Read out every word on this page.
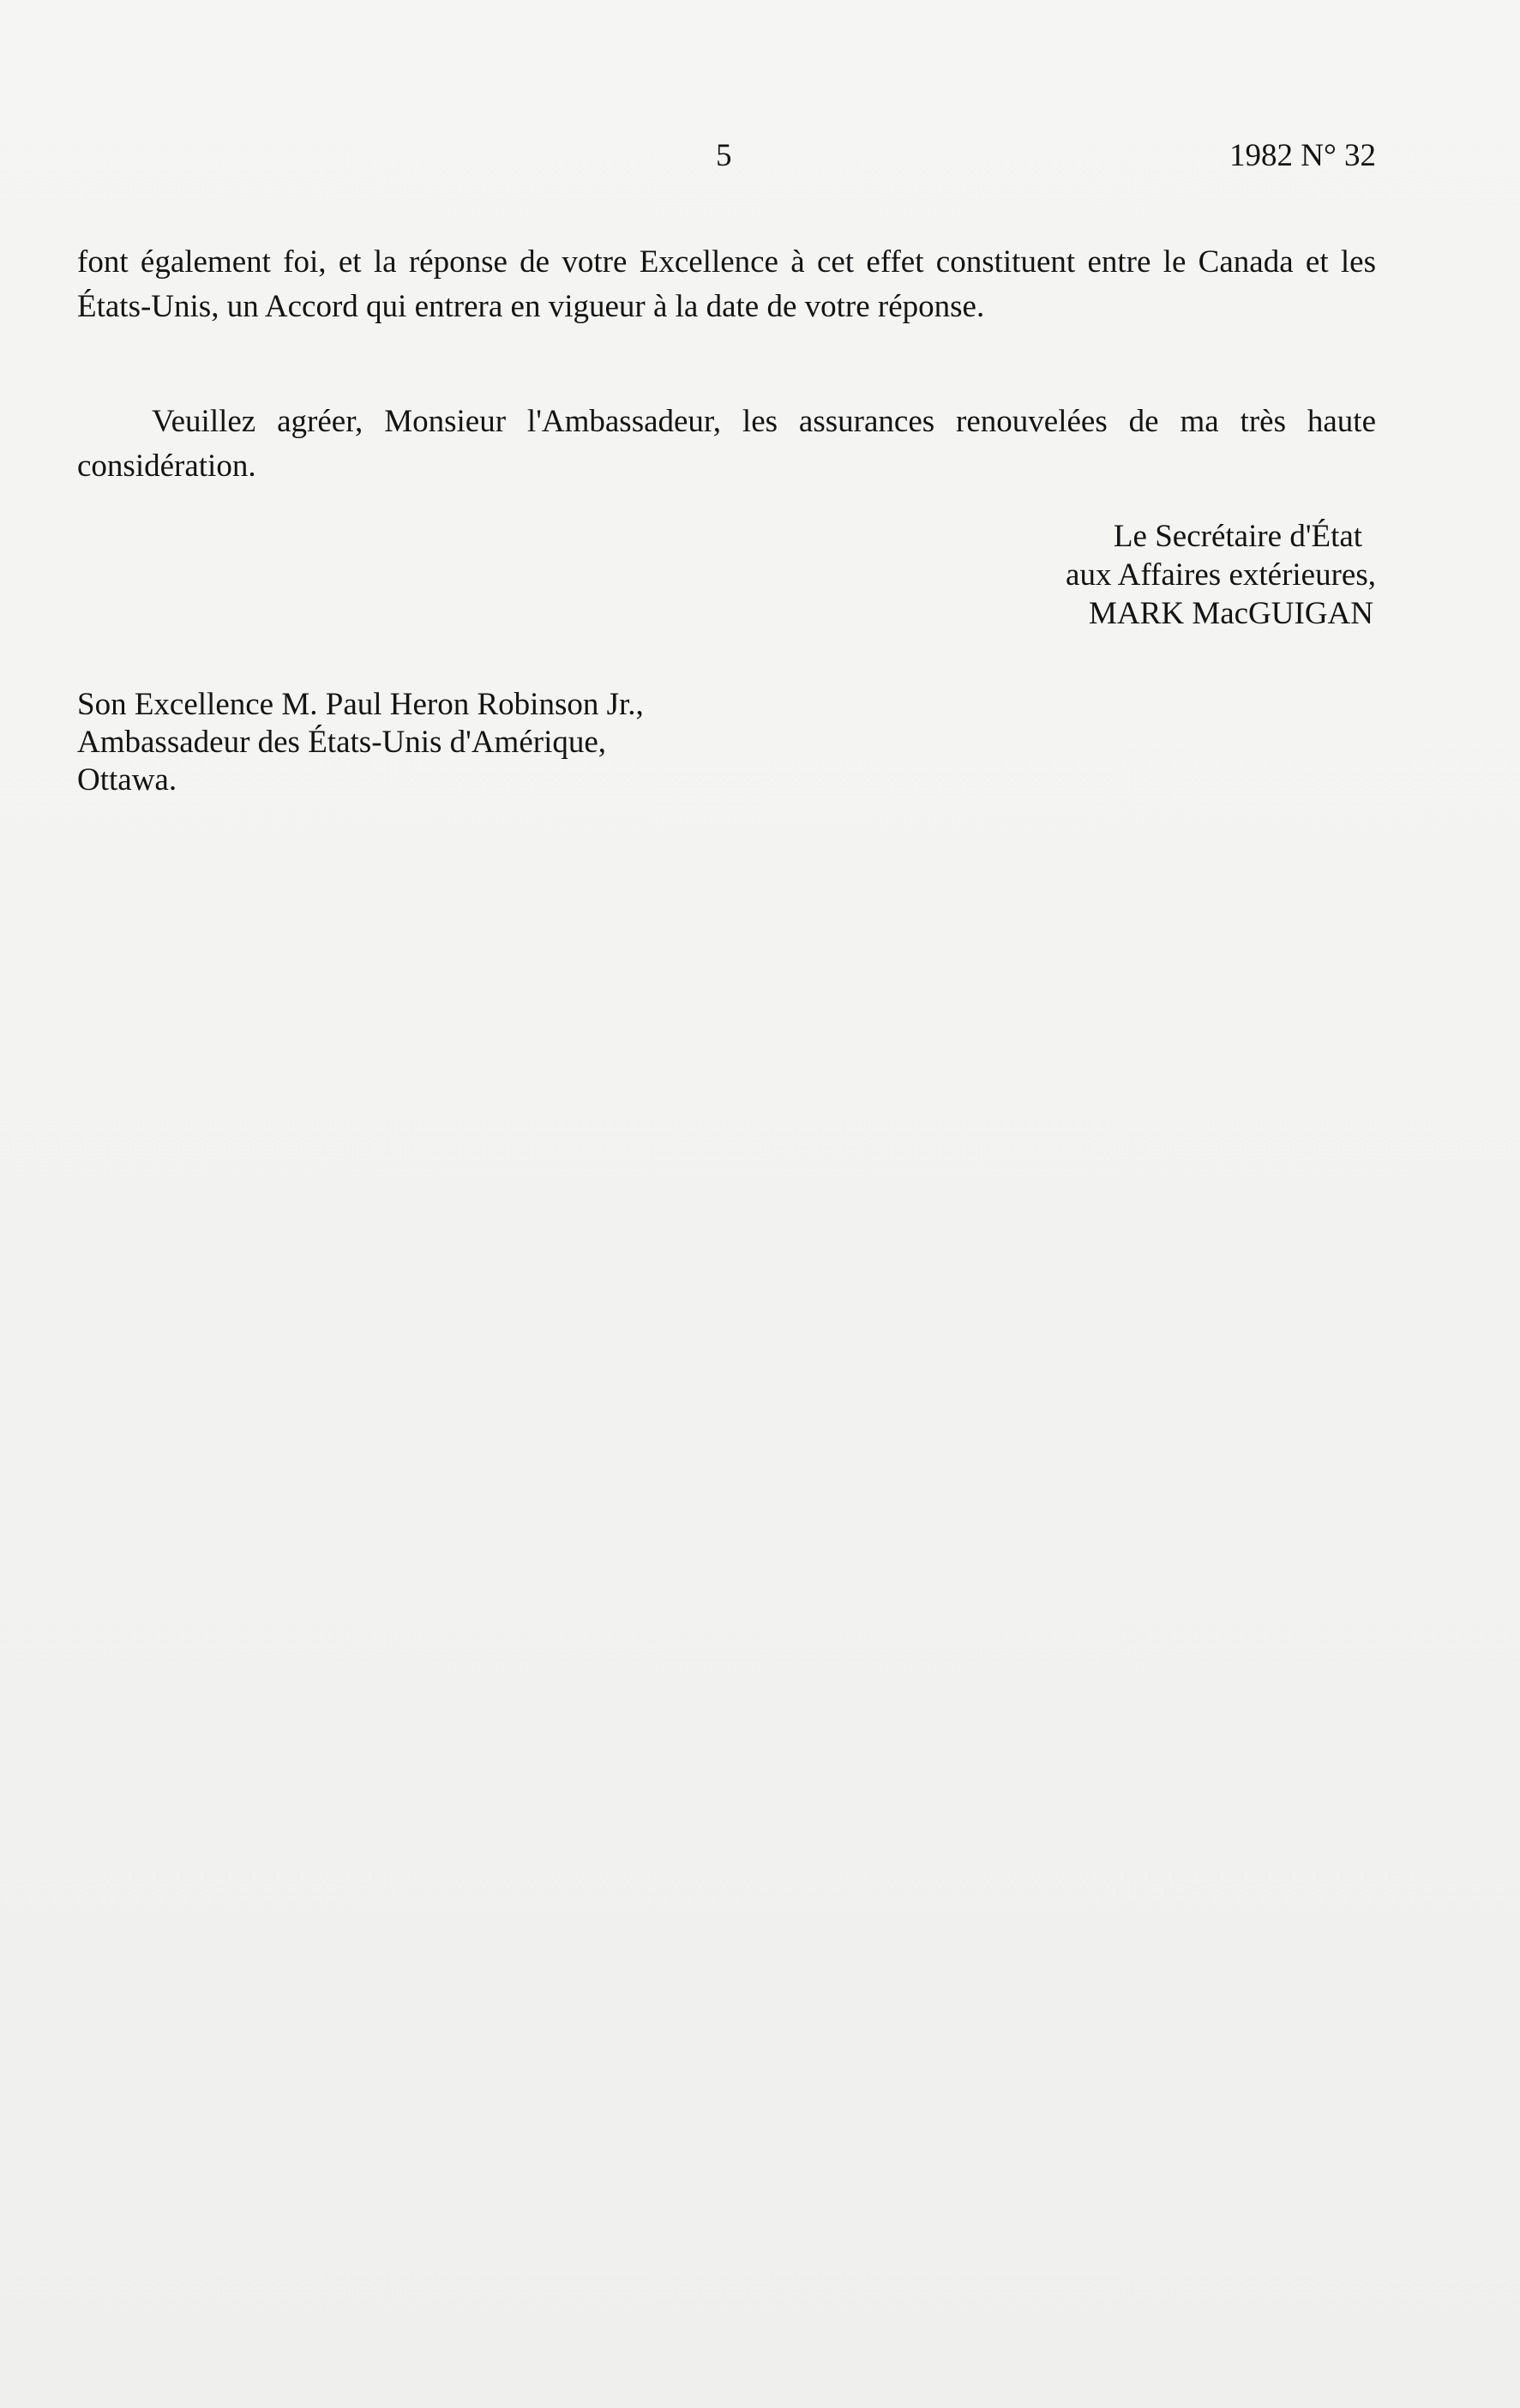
5	1982 N° 32

font également foi, et la réponse de votre Excellence à cet effet constituent entre le Canada et les États-Unis, un Accord qui entrera en vigueur à la date de votre réponse.

Veuillez agréer, Monsieur l'Ambassadeur, les assurances renouvelées de ma très haute considération.

Le Secrétaire d'État
aux Affaires extérieures,
MARK MacGUIGAN
Son Excellence M. Paul Heron Robinson Jr.,
Ambassadeur des États-Unis d'Amérique,
Ottawa.
